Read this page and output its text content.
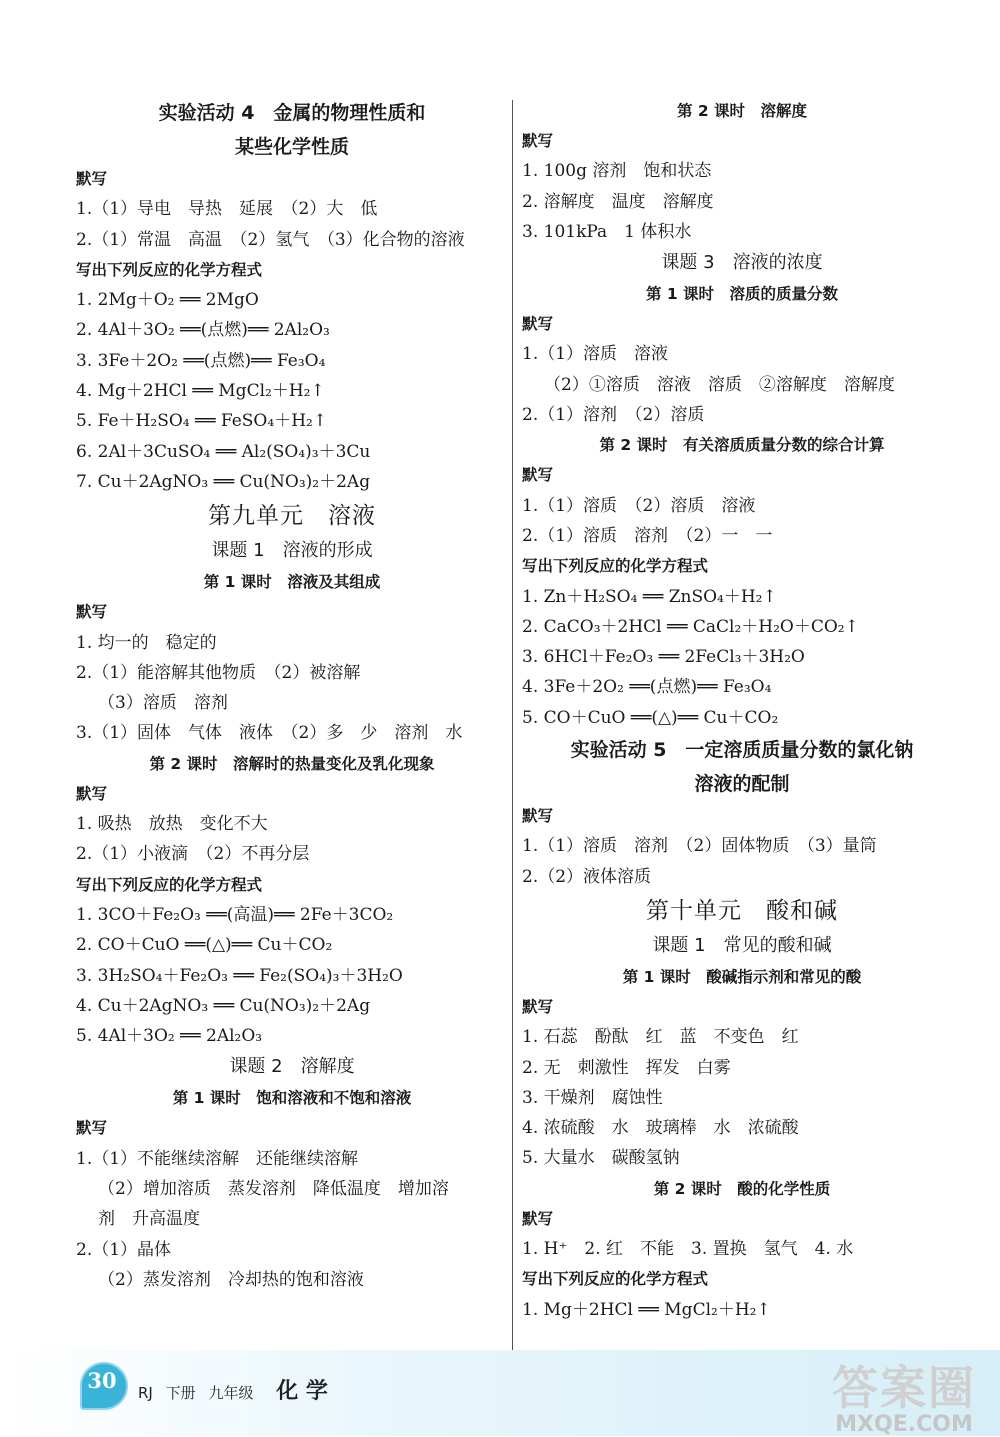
实验活动 4　金属的物理性质和
某些化学性质
默写
1.（1）导电　导热　延展　（2）大　低
2.（1）常温　高温　（2）氢气　（3）化合物的溶液
写出下列反应的化学方程式
1. 2Mg＋O₂ ══ 2MgO
2. 4Al＋3O₂ ══(点燃)══ 2Al₂O₃
3. 3Fe＋2O₂ ══(点燃)══ Fe₃O₄
4. Mg＋2HCl ══ MgCl₂＋H₂↑
5. Fe＋H₂SO₄ ══ FeSO₄＋H₂↑
6. 2Al＋3CuSO₄ ══ Al₂(SO₄)₃＋3Cu
7. Cu＋2AgNO₃ ══ Cu(NO₃)₂＋2Ag
第九单元　溶液
课题 1　溶液的形成
第 1 课时　溶液及其组成
默写
1. 均一的　稳定的
2.（1）能溶解其他物质　（2）被溶解
（3）溶质　溶剂
3.（1）固体　气体　液体　（2）多　少　溶剂　水
第 2 课时　溶解时的热量变化及乳化现象
默写
1. 吸热　放热　变化不大
2.（1）小液滴　（2）不再分层
写出下列反应的化学方程式
1. 3CO＋Fe₂O₃ ══(高温)══ 2Fe＋3CO₂
2. CO＋CuO ══(△)══ Cu＋CO₂
3. 3H₂SO₄＋Fe₂O₃ ══ Fe₂(SO₄)₃＋3H₂O
4. Cu＋2AgNO₃ ══ Cu(NO₃)₂＋2Ag
5. 4Al＋3O₂ ══ 2Al₂O₃
课题 2　溶解度
第 1 课时　饱和溶液和不饱和溶液
默写
1.（1）不能继续溶解　还能继续溶解
（2）增加溶质　蒸发溶剂　降低温度　增加溶
剂　升高温度
2.（1）晶体
（2）蒸发溶剂　冷却热的饱和溶液
第 2 课时　溶解度
默写
1. 100g 溶剂　饱和状态
2. 溶解度　温度　溶解度
3. 101kPa　1 体积水
课题 3　溶液的浓度
第 1 课时　溶质的质量分数
默写
1.（1）溶质　溶液
（2）①溶质　溶液　溶质　②溶解度　溶解度
2.（1）溶剂　（2）溶质
第 2 课时　有关溶质质量分数的综合计算
默写
1.（1）溶质　（2）溶质　溶液
2.（1）溶质　溶剂　（2）一　一
写出下列反应的化学方程式
1. Zn＋H₂SO₄ ══ ZnSO₄＋H₂↑
2. CaCO₃＋2HCl ══ CaCl₂＋H₂O＋CO₂↑
3. 6HCl＋Fe₂O₃ ══ 2FeCl₃＋3H₂O
4. 3Fe＋2O₂ ══(点燃)══ Fe₃O₄
5. CO＋CuO ══(△)══ Cu＋CO₂
实验活动 5　一定溶质质量分数的氯化钠
溶液的配制
默写
1.（1）溶质　溶剂　（2）固体物质　（3）量筒
2.（2）液体溶质
第十单元　酸和碱
课题 1　常见的酸和碱
第 1 课时　酸碱指示剂和常见的酸
默写
1. 石蕊　酚酞　红　蓝　不变色　红
2. 无　刺激性　挥发　白雾
3. 干燥剂　腐蚀性
4. 浓硫酸　水　玻璃棒　水　浓硫酸
5. 大量水　碳酸氢钠
第 2 课时　酸的化学性质
默写
1. H⁺　2. 红　不能　3. 置换　氢气　4. 水
写出下列反应的化学方程式
1. Mg＋2HCl ══ MgCl₂＋H₂↑
30	RJ 下册 九年级 化 学	答案圈
MXQE.COM
